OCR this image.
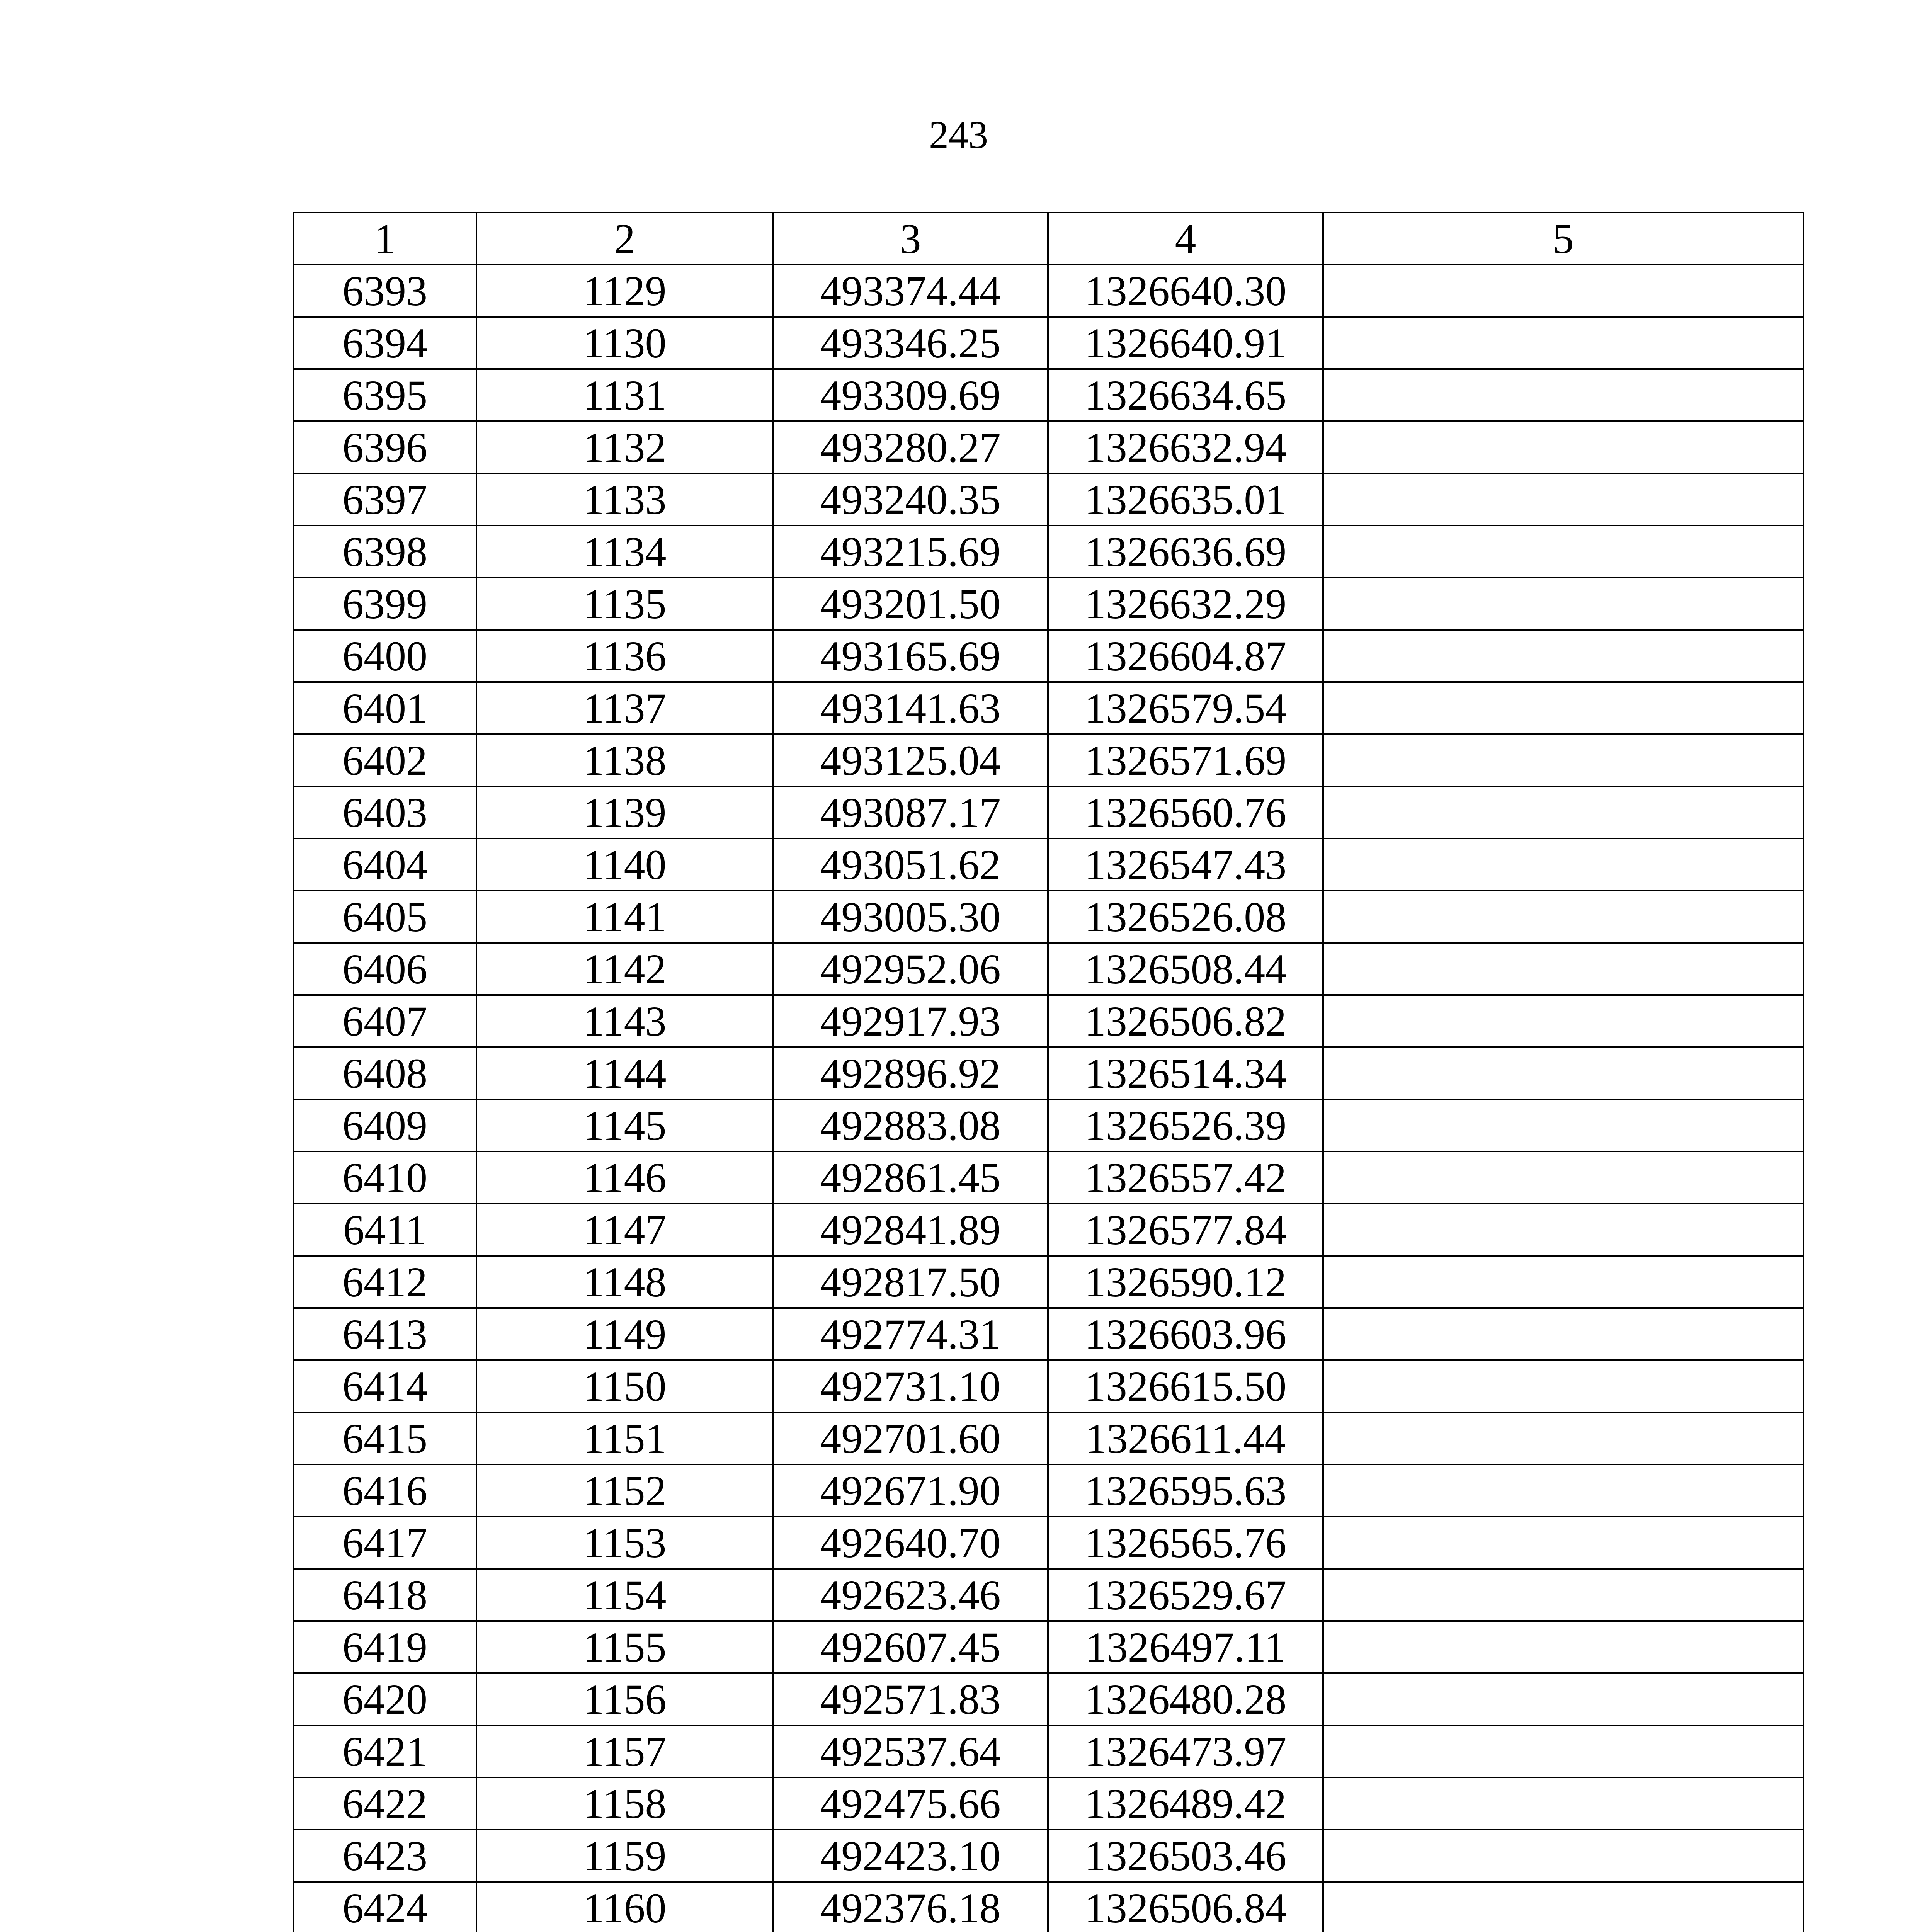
243
1	2	3	4	5
6393	1129	493374.44	1326640.30	
6394	1130	493346.25	1326640.91	
6395	1131	493309.69	1326634.65	
6396	1132	493280.27	1326632.94	
6397	1133	493240.35	1326635.01	
6398	1134	493215.69	1326636.69	
6399	1135	493201.50	1326632.29	
6400	1136	493165.69	1326604.87	
6401	1137	493141.63	1326579.54	
6402	1138	493125.04	1326571.69	
6403	1139	493087.17	1326560.76	
6404	1140	493051.62	1326547.43	
6405	1141	493005.30	1326526.08	
6406	1142	492952.06	1326508.44	
6407	1143	492917.93	1326506.82	
6408	1144	492896.92	1326514.34	
6409	1145	492883.08	1326526.39	
6410	1146	492861.45	1326557.42	
6411	1147	492841.89	1326577.84	
6412	1148	492817.50	1326590.12	
6413	1149	492774.31	1326603.96	
6414	1150	492731.10	1326615.50	
6415	1151	492701.60	1326611.44	
6416	1152	492671.90	1326595.63	
6417	1153	492640.70	1326565.76	
6418	1154	492623.46	1326529.67	
6419	1155	492607.45	1326497.11	
6420	1156	492571.83	1326480.28	
6421	1157	492537.64	1326473.97	
6422	1158	492475.66	1326489.42	
6423	1159	492423.10	1326503.46	
6424	1160	492376.18	1326506.84	
